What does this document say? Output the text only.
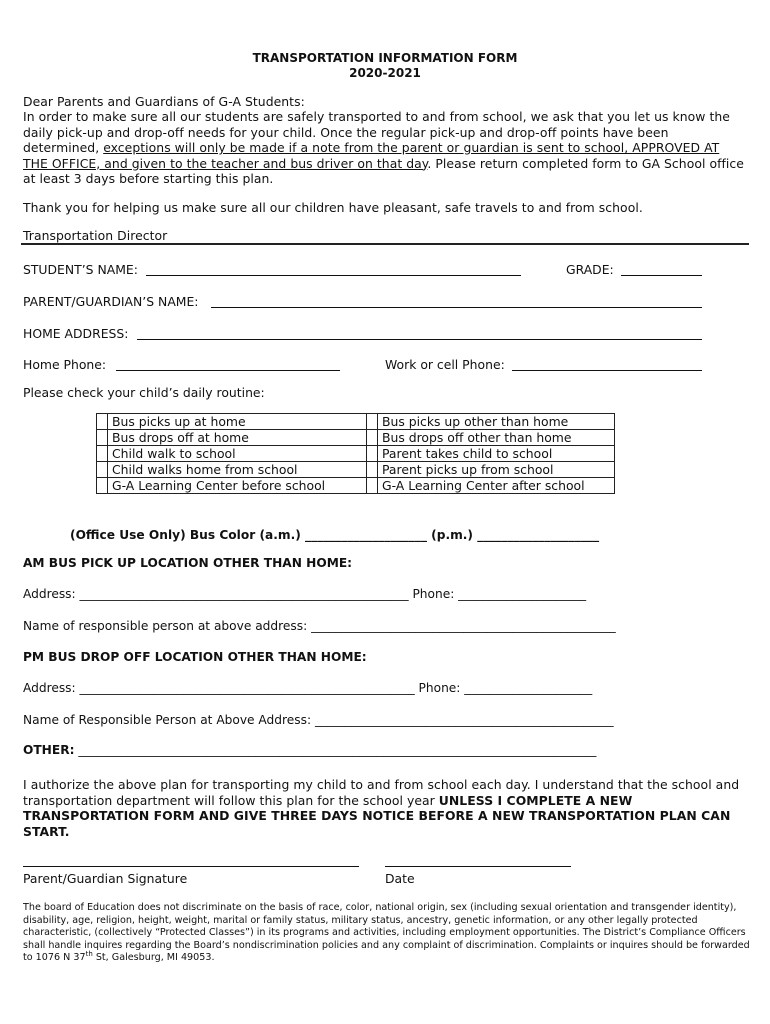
TRANSPORTATION INFORMATION FORM
2020-2021
Dear Parents and Guardians of G-A Students:
In order to make sure all our students are safely transported to and from school, we ask that you let us know the daily pick-up and drop-off needs for your child. Once the regular pick-up and drop-off points have been determined, exceptions will only be made if a note from the parent or guardian is sent to school, APPROVED AT THE OFFICE, and given to the teacher and bus driver on that day. Please return completed form to GA School office at least 3 days before starting this plan.
Thank you for helping us make sure all our children have pleasant, safe travels to and from school.
Transportation Director
STUDENT’S NAME:	GRADE:
PARENT/GUARDIAN’S NAME:
HOME ADDRESS:
Home Phone:	Work or cell Phone:
Please check your child’s daily routine:
	Bus picks up at home		Bus picks up other than home
	Bus drops off at home		Bus drops off other than home
	Child walk to school		Parent takes child to school
	Child walks home from school		Parent picks up from school
	G-A Learning Center before school		G-A Learning Center after school
(Office Use Only) Bus Color (a.m.) ____________________ (p.m.) ____________________
AM BUS PICK UP LOCATION OTHER THAN HOME:
Address: ______________________________________________________ Phone: _____________________
Name of responsible person at above address: __________________________________________________
PM BUS DROP OFF LOCATION OTHER THAN HOME:
Address: _______________________________________________________ Phone: _____________________
Name of Responsible Person at Above Address: _________________________________________________
OTHER: _____________________________________________________________________________________
I authorize the above plan for transporting my child to and from school each day. I understand that the school and transportation department will follow this plan for the school year UNLESS I COMPLETE A NEW TRANSPORTATION FORM AND GIVE THREE DAYS NOTICE BEFORE A NEW TRANSPORTATION PLAN CAN START.
Parent/Guardian Signature	Date
The board of Education does not discriminate on the basis of race, color, national origin, sex (including sexual orientation and transgender identity), disability, age, religion, height, weight, marital or family status, military status, ancestry, genetic information, or any other legally protected characteristic, (collectively “Protected Classes”) in its programs and activities, including employment opportunities. The District’s Compliance Officers shall handle inquires regarding the Board’s nondiscrimination policies and any complaint of discrimination. Complaints or inquires should be forwarded to 1076 N 37th St, Galesburg, MI 49053.
